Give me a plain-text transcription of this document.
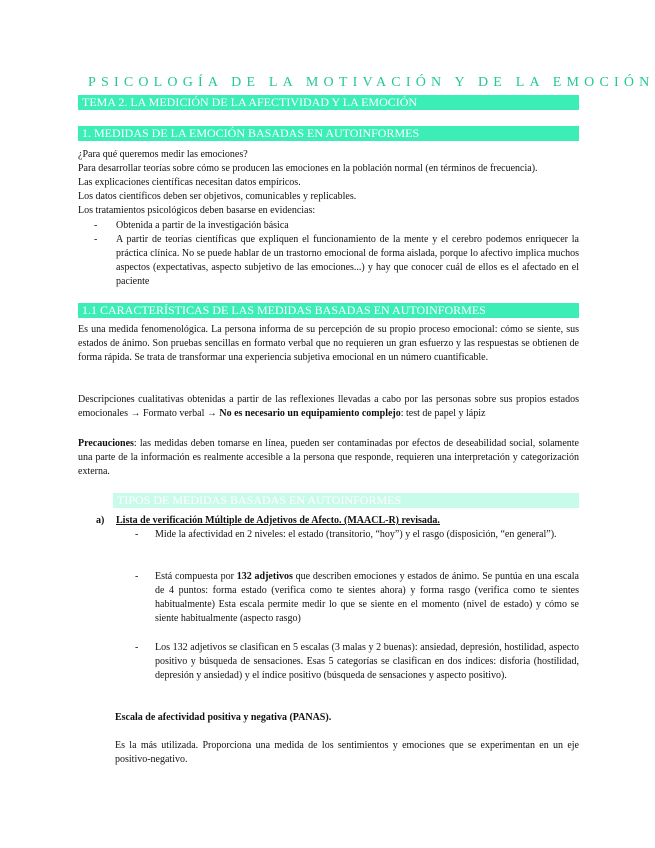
PSICOLOGÍA DE LA MOTIVACIÓN Y DE LA EMOCIÓN
TEMA 2. LA MEDICIÓN DE LA AFECTIVIDAD Y LA EMOCIÓN
1. MEDIDAS DE LA EMOCIÓN BASADAS EN AUTOINFORMES
¿Para qué queremos medir las emociones?
Para desarrollar teorías sobre cómo se producen las emociones en la población normal (en términos de frecuencia).
Las explicaciones científicas necesitan datos empíricos.
Los datos científicos deben ser objetivos, comunicables y replicables.
Los tratamientos psicológicos deben basarse en evidencias:
- Obtenida a partir de la investigación básica
- A partir de teorías científicas que expliquen el funcionamiento de la mente y el cerebro podemos enriquecer la práctica clínica. No se puede hablar de un trastorno emocional de forma aislada, porque lo afectivo implica muchos aspectos (expectativas, aspecto subjetivo de las emociones...) y hay que conocer cuál de ellos es el afectado en el paciente
1.1 CARACTERÍSTICAS DE LAS MEDIDAS BASADAS EN AUTOINFORMES
Es una medida fenomenológica. La persona informa de su percepción de su propio proceso emocional: cómo se siente, sus estados de ánimo. Son pruebas sencillas en formato verbal que no requieren un gran esfuerzo y las respuestas se obtienen de forma rápida. Se trata de transformar una experiencia subjetiva emocional en un número cuantificable.
Descripciones cualitativas obtenidas a partir de las reflexiones llevadas a cabo por las personas sobre sus propios estados emocionales → Formato verbal → No es necesario un equipamiento complejo: test de papel y lápiz
Precauciones: las medidas deben tomarse en línea, pueden ser contaminadas por efectos de deseabilidad social, solamente una parte de la información es realmente accesible a la persona que responde, requieren una interpretación y categorización externa.
TIPOS DE MEDIDAS BASADAS EN AUTOINFORMES
a) Lista de verificación Múltiple de Adjetivos de Afecto. (MAACL-R) revisada.
- Mide la afectividad en 2 niveles: el estado (transitorio, “hoy”) y el rasgo (disposición, “en general”).
- Está compuesta por 132 adjetivos que describen emociones y estados de ánimo. Se puntúa en una escala de 4 puntos: forma estado (verifica como te sientes ahora) y forma rasgo (verifica como te sientes habitualmente) Esta escala permite medir lo que se siente en el momento (nivel de estado) y cómo se siente habitualmente (aspecto rasgo)
- Los 132 adjetivos se clasifican en 5 escalas (3 malas y 2 buenas): ansiedad, depresión, hostilidad, aspecto positivo y búsqueda de sensaciones. Esas 5 categorías se clasifican en dos índices: disforia (hostilidad, depresión y ansiedad) y el índice positivo (búsqueda de sensaciones y aspecto positivo).
Escala de afectividad positiva y negativa (PANAS).
Es la más utilizada. Proporciona una medida de los sentimientos y emociones que se experimentan en un eje positivo-negativo.
